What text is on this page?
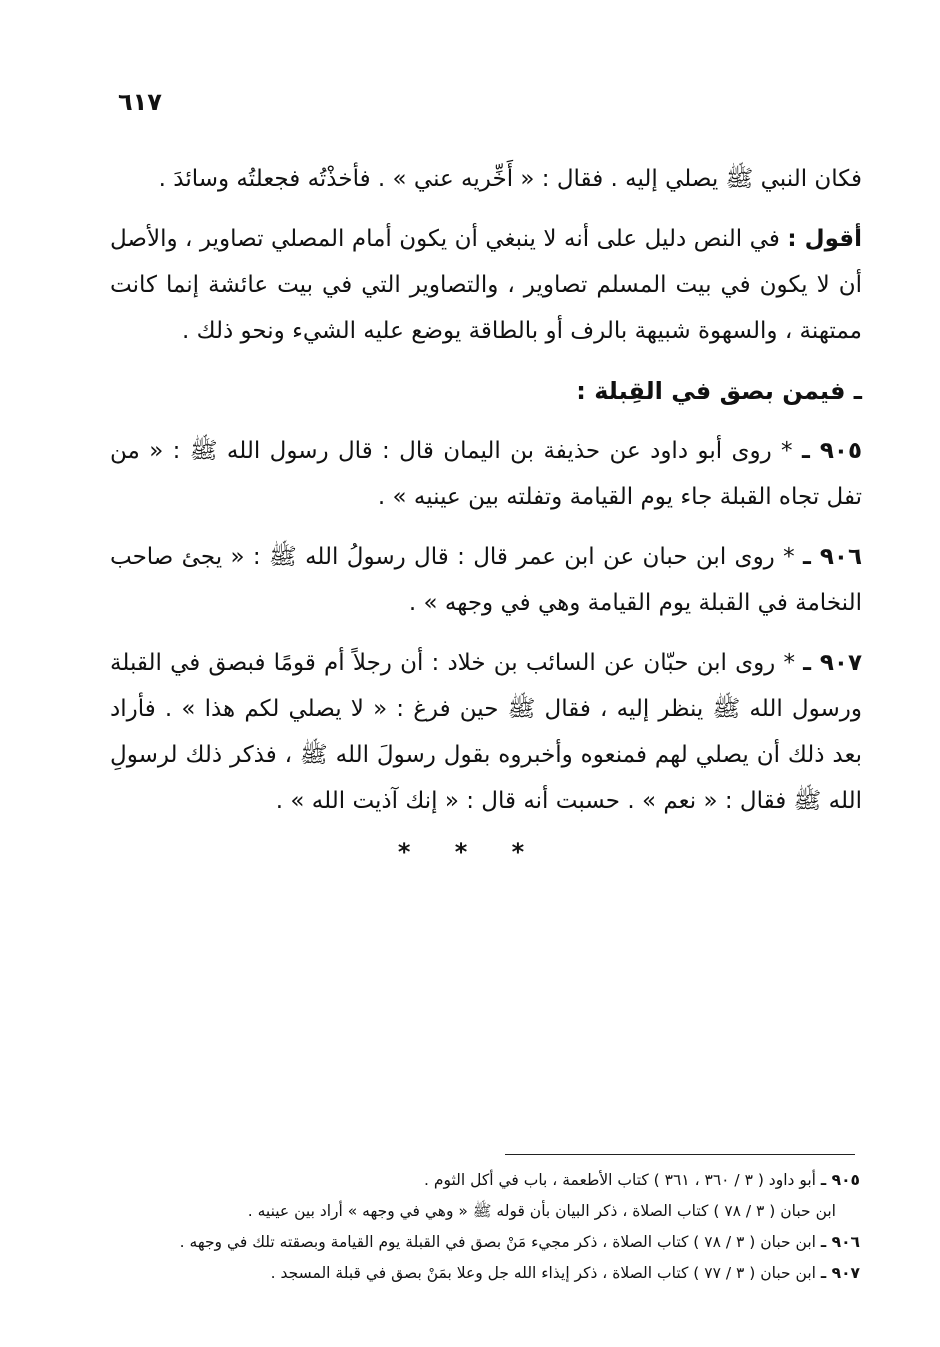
٦١٧

فكان النبي ﷺ يصلي إليه . فقال : « أَخِّريه عني » . فأخذْتُه فجعلتُه وسائدَ .

أقول : في النص دليل على أنه لا ينبغي أن يكون أمام المصلي تصاوير ، والأصل أن لا يكون في بيت المسلم تصاوير ، والتصاوير التي في بيت عائشة إنما كانت ممتهنة ، والسهوة شبيهة بالرف أو بالطاقة يوضع عليه الشيء ونحو ذلك .

ـ فيمن بصق في القِبلة :

٩٠٥ ـ * روى أبو داود عن حذيفة بن اليمان قال : قال رسول الله ﷺ : « من تفل تجاه القبلة جاء يوم القيامة وتفلته بين عينيه » .

٩٠٦ ـ * روى ابن حبان عن ابن عمر قال : قال رسولُ الله ﷺ : « يجئ صاحب النخامة في القبلة يوم القيامة وهي في وجهه » .

٩٠٧ ـ * روى ابن حبّان عن السائب بن خلاد : أن رجلاً أم قومًا فبصق في القبلة ورسول الله ﷺ ينظر إليه ، فقال ﷺ حين فرغ : « لا يصلي لكم هذا » . فأراد بعد ذلك أن يصلي لهم فمنعوه وأخبروه بقول رسولَ الله ﷺ ، فذكر ذلك لرسولِ الله ﷺ فقال : « نعم » . حسبت أنه قال : « إنك آذيت الله » .

* * *
٩٠٥ ـ أبو داود ( ٣ / ٣٦٠ ، ٣٦١ ) كتاب الأطعمة ، باب في أكل الثوم .
ابن حبان ( ٣ / ٧٨ ) كتاب الصلاة ، ذكر البيان بأن قوله ﷺ « وهي في وجهه » أراد بين عينيه .
٩٠٦ ـ ابن حبان ( ٣ / ٧٨ ) كتاب الصلاة ، ذكر مجيء مَنْ بصق في القبلة يوم القيامة وبصقته تلك في وجهه .
٩٠٧ ـ ابن حبان ( ٣ / ٧٧ ) كتاب الصلاة ، ذكر إيذاء الله جل وعلا بمَنْ بصق في قبلة المسجد .
